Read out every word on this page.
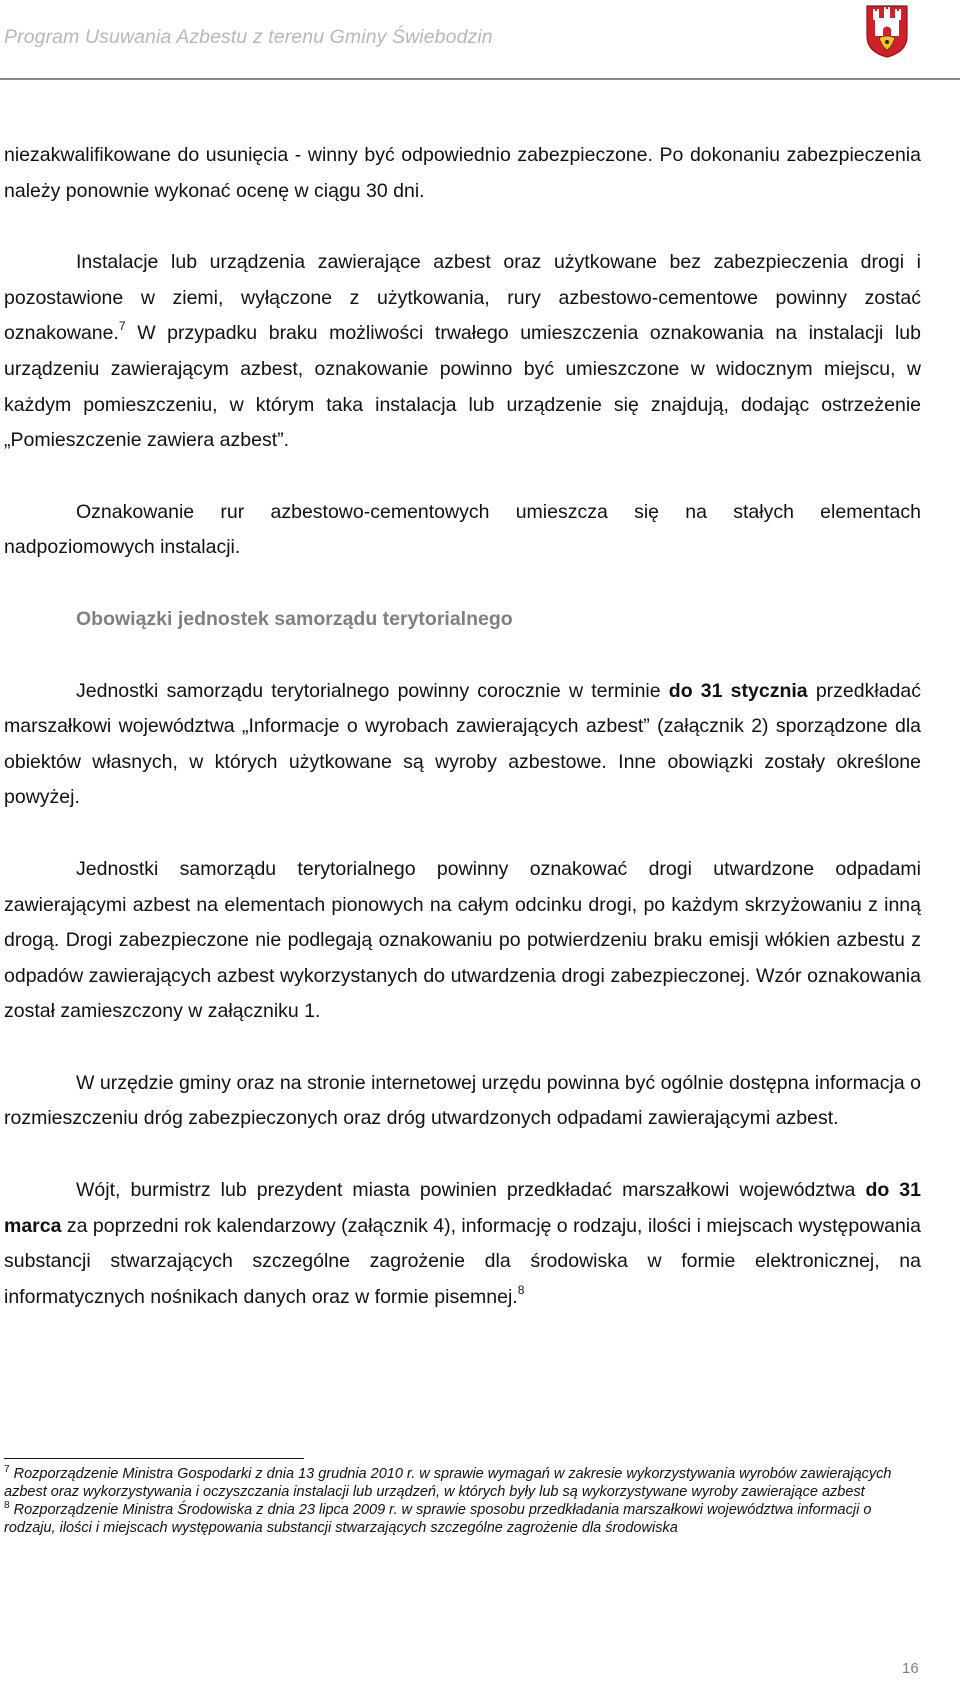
Program Usuwania Azbestu z terenu Gminy Świebodzin

niezakwalifikowane do usunięcia - winny być odpowiednio zabezpieczone. Po dokonaniu zabezpieczenia należy ponownie wykonać ocenę w ciągu 30 dni.

Instalacje lub urządzenia zawierające azbest oraz użytkowane bez zabezpieczenia drogi i pozostawione w ziemi, wyłączone z użytkowania, rury azbestowo-cementowe powinny zostać oznakowane.$^7$ W przypadku braku możliwości trwałego umieszczenia oznakowania na instalacji lub urządzeniu zawierającym azbest, oznakowanie powinno być umieszczone w widocznym miejscu, w każdym pomieszczeniu, w którym taka instalacja lub urządzenie się znajdują, dodając ostrzeżenie „Pomieszczenie zawiera azbest”.

Oznakowanie rur azbestowo-cementowych umieszcza się na stałych elementach nadpoziomowych instalacji.

Obowiązki jednostek samorządu terytorialnego

Jednostki samorządu terytorialnego powinny corocznie w terminie do 31 stycznia przedkładać marszałkowi województwa „Informacje o wyrobach zawierających azbest” (załącznik 2) sporządzone dla obiektów własnych, w których użytkowane są wyroby azbestowe. Inne obowiązki zostały określone powyżej.

Jednostki samorządu terytorialnego powinny oznakować drogi utwardzone odpadami zawierającymi azbest na elementach pionowych na całym odcinku drogi, po każdym skrzyżowaniu z inną drogą. Drogi zabezpieczone nie podlegają oznakowaniu po potwierdzeniu braku emisji włókien azbestu z odpadów zawierających azbest wykorzystanych do utwardzenia drogi zabezpieczonej. Wzór oznakowania został zamieszczony w załączniku 1.

W urzędzie gminy oraz na stronie internetowej urzędu powinna być ogólnie dostępna informacja o rozmieszczeniu dróg zabezpieczonych oraz dróg utwardzonych odpadami zawierającymi azbest.

Wójt, burmistrz lub prezydent miasta powinien przedkładać marszałkowi województwa do 31 marca za poprzedni rok kalendarzowy (załącznik 4), informację o rodzaju, ilości i miejscach występowania substancji stwarzających szczególne zagrożenie dla środowiska w formie elektronicznej, na informatycznych nośnikach danych oraz w formie pisemnej.$^8$

$^7$ Rozporządzenie Ministra Gospodarki z dnia 13 grudnia 2010 r. w sprawie wymagań w zakresie wykorzystywania wyrobów zawierających azbest oraz wykorzystywania i oczyszczania instalacji lub urządzeń, w których były lub są wykorzystywane wyroby zawierające azbest

$^8$ Rozporządzenie Ministra Środowiska z dnia 23 lipca 2009 r. w sprawie sposobu przedkładania marszałkowi województwa informacji o rodzaju, ilości i miejscach występowania substancji stwarzających szczególne zagrożenie dla środowiska

16
